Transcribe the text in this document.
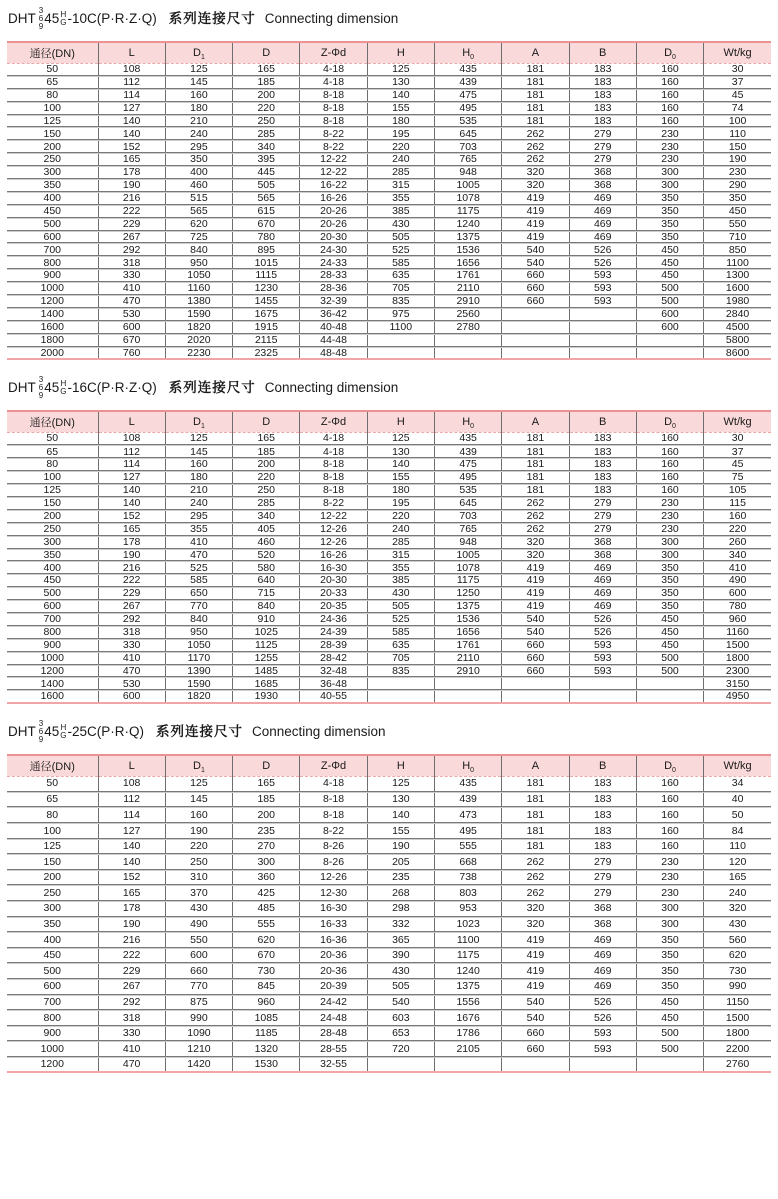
DHT
3
6
9
45 H
G -10C(P·R·Z·Q) 系列连接尺寸 Connecting dimension
通径(DN)	L	$D_1$	D	Z-Φd	H	$H_0$	A	B	$D_0$	Wt/kg
50	108	125	165	4-18	125	435	181	183	160	30
65	112	145	185	4-18	130	439	181	183	160	37
80	114	160	200	8-18	140	475	181	183	160	45
100	127	180	220	8-18	155	495	181	183	160	74
125	140	210	250	8-18	180	535	181	183	160	100
150	140	240	285	8-22	195	645	262	279	230	110
200	152	295	340	8-22	220	703	262	279	230	150
250	165	350	395	12-22	240	765	262	279	230	190
300	178	400	445	12-22	285	948	320	368	300	230
350	190	460	505	16-22	315	1005	320	368	300	290
400	216	515	565	16-26	355	1078	419	469	350	350
450	222	565	615	20-26	385	1175	419	469	350	450
500	229	620	670	20-26	430	1240	419	469	350	550
600	267	725	780	20-30	505	1375	419	469	350	710
700	292	840	895	24-30	525	1536	540	526	450	850
800	318	950	1015	24-33	585	1656	540	526	450	1100
900	330	1050	1115	28-33	635	1761	660	593	450	1300
1000	410	1160	1230	28-36	705	2110	660	593	500	1600
1200	470	1380	1455	32-39	835	2910	660	593	500	1980
1400	530	1590	1675	36-42	975	2560			600	2840
1600	600	1820	1915	40-48	1100	2780			600	4500
1800	670	2020	2115	44-48						5800
2000	760	2230	2325	48-48						8600
DHT
3
6
9
45 H
G -16C(P·R·Z·Q) 系列连接尺寸 Connecting dimension
通径(DN)	L	$D_1$	D	Z-Φd	H	$H_0$	A	B	$D_0$	Wt/kg
50	108	125	165	4-18	125	435	181	183	160	30
65	112	145	185	4-18	130	439	181	183	160	37
80	114	160	200	8-18	140	475	181	183	160	45
100	127	180	220	8-18	155	495	181	183	160	75
125	140	210	250	8-18	180	535	181	183	160	105
150	140	240	285	8-22	195	645	262	279	230	115
200	152	295	340	12-22	220	703	262	279	230	160
250	165	355	405	12-26	240	765	262	279	230	220
300	178	410	460	12-26	285	948	320	368	300	260
350	190	470	520	16-26	315	1005	320	368	300	340
400	216	525	580	16-30	355	1078	419	469	350	410
450	222	585	640	20-30	385	1175	419	469	350	490
500	229	650	715	20-33	430	1250	419	469	350	600
600	267	770	840	20-35	505	1375	419	469	350	780
700	292	840	910	24-36	525	1536	540	526	450	960
800	318	950	1025	24-39	585	1656	540	526	450	1160
900	330	1050	1125	28-39	635	1761	660	593	450	1500
1000	410	1170	1255	28-42	705	2110	660	593	500	1800
1200	470	1390	1485	32-48	835	2910	660	593	500	2300
1400	530	1590	1685	36-48						3150
1600	600	1820	1930	40-55						4950
DHT
3
6
9
45 H
G -25C(P·R·Q) 系列连接尺寸 Connecting dimension
通径(DN)	L	$D_1$	D	Z-Φd	H	$H_0$	A	B	$D_0$	Wt/kg
50	108	125	165	4-18	125	435	181	183	160	34
65	112	145	185	8-18	130	439	181	183	160	40
80	114	160	200	8-18	140	473	181	183	160	50
100	127	190	235	8-22	155	495	181	183	160	84
125	140	220	270	8-26	190	555	181	183	160	110
150	140	250	300	8-26	205	668	262	279	230	120
200	152	310	360	12-26	235	738	262	279	230	165
250	165	370	425	12-30	268	803	262	279	230	240
300	178	430	485	16-30	298	953	320	368	300	320
350	190	490	555	16-33	332	1023	320	368	300	430
400	216	550	620	16-36	365	1100	419	469	350	560
450	222	600	670	20-36	390	1175	419	469	350	620
500	229	660	730	20-36	430	1240	419	469	350	730
600	267	770	845	20-39	505	1375	419	469	350	990
700	292	875	960	24-42	540	1556	540	526	450	1150
800	318	990	1085	24-48	603	1676	540	526	450	1500
900	330	1090	1185	28-48	653	1786	660	593	500	1800
1000	410	1210	1320	28-55	720	2105	660	593	500	2200
1200	470	1420	1530	32-55						2760
